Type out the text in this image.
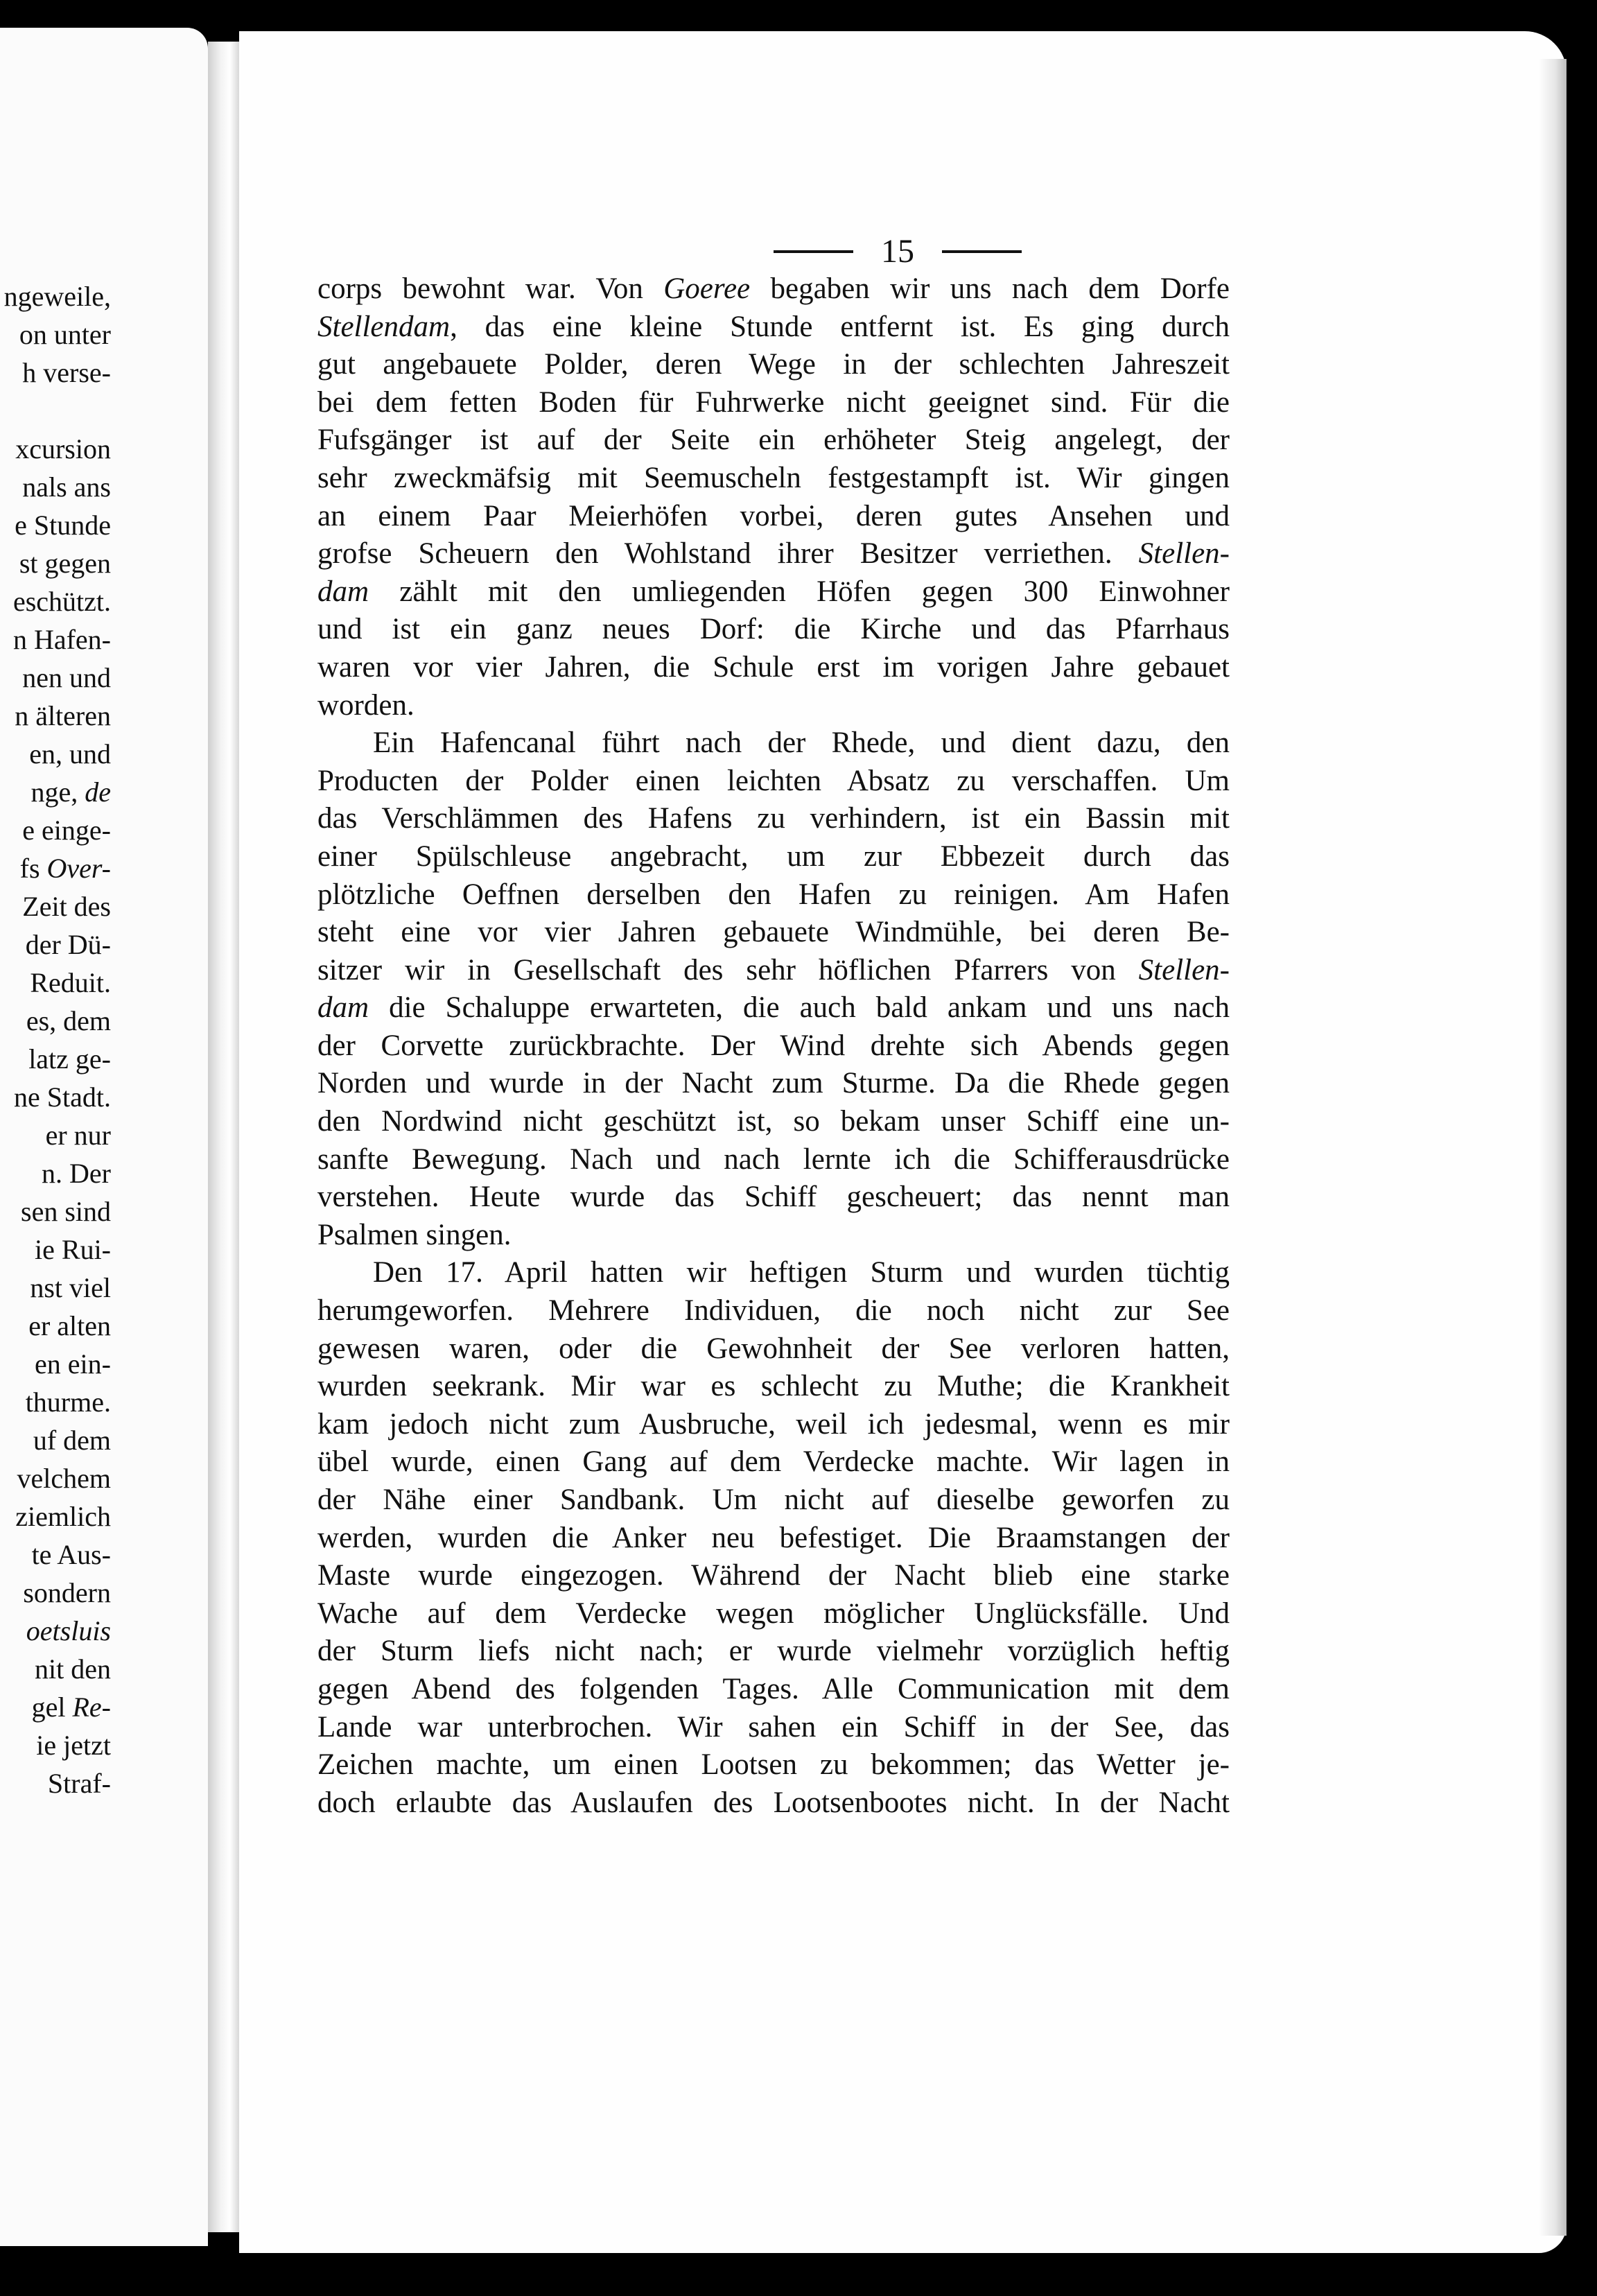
ngeweile,
on unter
h verse-

xcursion
nals ans
e Stunde
st gegen
eschützt.
n Hafen-
nen und
n älteren
en, und
nge, de
e einge-
fs Over-
Zeit des
der Dü-
Reduit.
es, dem
latz ge-
ne Stadt.
er nur
n. Der
sen sind
ie Rui-
nst viel
er alten
en ein-
thurme.
uf dem
velchem
ziemlich
te Aus-
sondern
oetsluis
nit den
gel Re-
ie jetzt
Straf-
15
corps bewohnt war. Von Goeree begaben wir uns nach dem Dorfe
Stellendam, das eine kleine Stunde entfernt ist. Es ging durch
gut angebauete Polder, deren Wege in der schlechten Jahreszeit
bei dem fetten Boden für Fuhrwerke nicht geeignet sind. Für die
Fufsgänger ist auf der Seite ein erhöheter Steig angelegt, der
sehr zweckmäfsig mit Seemuscheln festgestampft ist. Wir gingen
an einem Paar Meierhöfen vorbei, deren gutes Ansehen und
grofse Scheuern den Wohlstand ihrer Besitzer verriethen. Stellen-
dam zählt mit den umliegenden Höfen gegen 300 Einwohner
und ist ein ganz neues Dorf: die Kirche und das Pfarrhaus
waren vor vier Jahren, die Schule erst im vorigen Jahre gebauet
worden.
Ein Hafencanal führt nach der Rhede, und dient dazu, den
Producten der Polder einen leichten Absatz zu verschaffen. Um
das Verschlämmen des Hafens zu verhindern, ist ein Bassin mit
einer Spülschleuse angebracht, um zur Ebbezeit durch das
plötzliche Oeffnen derselben den Hafen zu reinigen. Am Hafen
steht eine vor vier Jahren gebauete Windmühle, bei deren Be-
sitzer wir in Gesellschaft des sehr höflichen Pfarrers von Stellen-
dam die Schaluppe erwarteten, die auch bald ankam und uns nach
der Corvette zurückbrachte. Der Wind drehte sich Abends gegen
Norden und wurde in der Nacht zum Sturme. Da die Rhede gegen
den Nordwind nicht geschützt ist, so bekam unser Schiff eine un-
sanfte Bewegung. Nach und nach lernte ich die Schifferausdrücke
verstehen. Heute wurde das Schiff gescheuert; das nennt man
Psalmen singen.
Den 17. April hatten wir heftigen Sturm und wurden tüchtig
herumgeworfen. Mehrere Individuen, die noch nicht zur See
gewesen waren, oder die Gewohnheit der See verloren hatten,
wurden seekrank. Mir war es schlecht zu Muthe; die Krankheit
kam jedoch nicht zum Ausbruche, weil ich jedesmal, wenn es mir
übel wurde, einen Gang auf dem Verdecke machte. Wir lagen in
der Nähe einer Sandbank. Um nicht auf dieselbe geworfen zu
werden, wurden die Anker neu befestiget. Die Braamstangen der
Maste wurde eingezogen. Während der Nacht blieb eine starke
Wache auf dem Verdecke wegen möglicher Unglücksfälle. Und
der Sturm liefs nicht nach; er wurde vielmehr vorzüglich heftig
gegen Abend des folgenden Tages. Alle Communication mit dem
Lande war unterbrochen. Wir sahen ein Schiff in der See, das
Zeichen machte, um einen Lootsen zu bekommen; das Wetter je-
doch erlaubte das Auslaufen des Lootsenbootes nicht. In der Nacht
